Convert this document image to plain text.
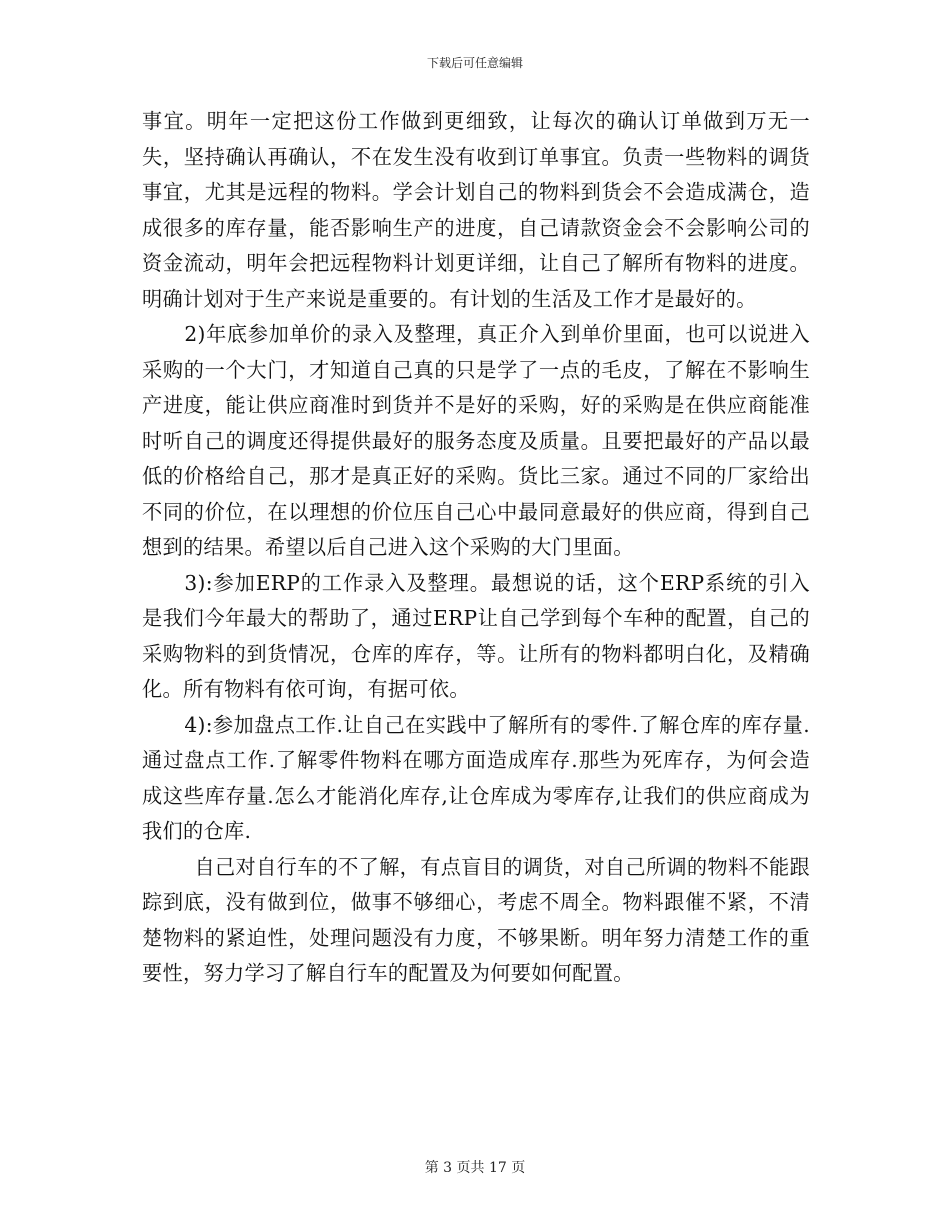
下载后可任意编辑

事宜。明年一定把这份工作做到更细致，让每次的确认订单做到万无一失，坚持确认再确认，不在发生没有收到订单事宜。负责一些物料的调货事宜，尤其是远程的物料。学会计划自己的物料到货会不会造成满仓，造成很多的库存量，能否影响生产的进度，自己请款资金会不会影响公司的资金流动，明年会把远程物料计划更详细，让自己了解所有物料的进度。明确计划对于生产来说是重要的。有计划的生活及工作才是最好的。

2)年底参加单价的录入及整理，真正介入到单价里面，也可以说进入采购的一个大门，才知道自己真的只是学了一点的毛皮，了解在不影响生产进度，能让供应商准时到货并不是好的采购，好的采购是在供应商能准时听自己的调度还得提供最好的服务态度及质量。且要把最好的产品以最低的价格给自己，那才是真正好的采购。货比三家。通过不同的厂家给出不同的价位，在以理想的价位压自己心中最同意最好的供应商，得到自己想到的结果。希望以后自己进入这个采购的大门里面。

3):参加ERP的工作录入及整理。最想说的话，这个ERP系统的引入是我们今年最大的帮助了，通过ERP让自己学到每个车种的配置，自己的采购物料的到货情况，仓库的库存，等。让所有的物料都明白化，及精确化。所有物料有依可询，有据可依。

4):参加盘点工作.让自己在实践中了解所有的零件.了解仓库的库存量.通过盘点工作.了解零件物料在哪方面造成库存.那些为死库存，为何会造成这些库存量.怎么才能消化库存,让仓库成为零库存,让我们的供应商成为我们的仓库.

自己对自行车的不了解，有点盲目的调货，对自己所调的物料不能跟踪到底，没有做到位，做事不够细心，考虑不周全。物料跟催不紧，不清楚物料的紧迫性，处理问题没有力度，不够果断。明年努力清楚工作的重要性，努力学习了解自行车的配置及为何要如何配置。

第 3 页共 17 页
